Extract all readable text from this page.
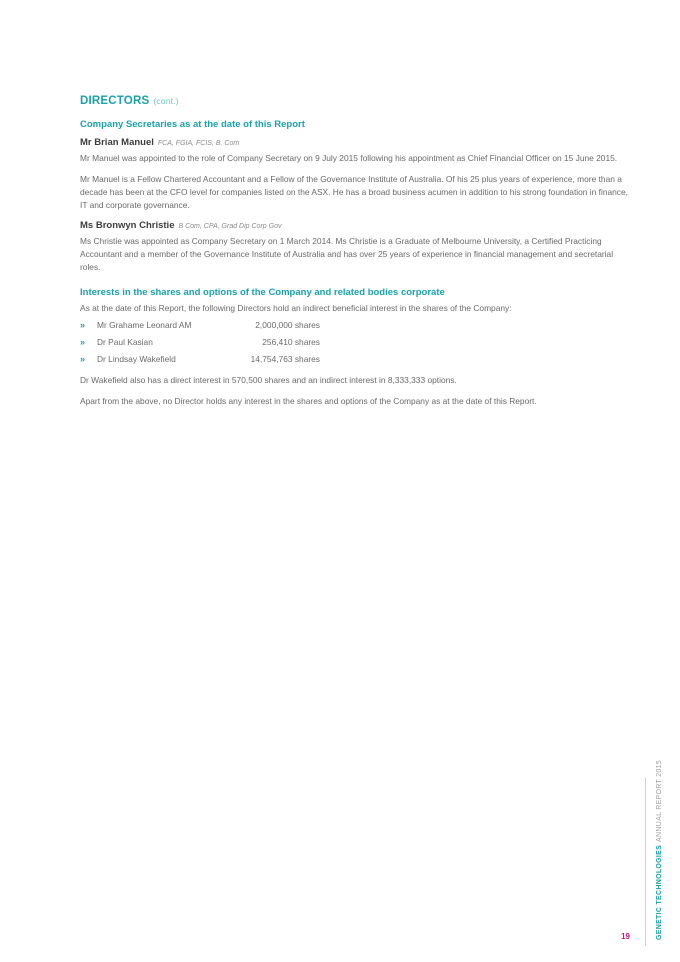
DIRECTORS (cont.)
Company Secretaries as at the date of this Report
Mr Brian Manuel FCA, FGIA, FCIS, B. Com

Mr Manuel was appointed to the role of Company Secretary on 9 July 2015 following his appointment as Chief Financial Officer on 15 June 2015.

Mr Manuel is a Fellow Chartered Accountant and a Fellow of the Governance Institute of Australia. Of his 25 plus years of experience, more than a decade has been at the CFO level for companies listed on the ASX. He has a broad business acumen in addition to his strong foundation in finance, IT and corporate governance.

Ms Bronwyn Christie B Com, CPA, Grad Dip Corp Gov

Ms Christie was appointed as Company Secretary on 1 March 2014. Ms Christie is a Graduate of Melbourne University, a Certified Practicing Accountant and a member of the Governance Institute of Australia and has over 25 years of experience in financial management and secretarial roles.

Interests in the shares and options of the Company and related bodies corporate

As at the date of this Report, the following Directors hold an indirect beneficial interest in the shares of the Company:

» Mr Grahame Leonard AM	2,000,000 shares
» Dr Paul Kasian	256,410 shares
» Dr Lindsay Wakefield	14,754,763 shares

Dr Wakefield also has a direct interest in 570,500 shares and an indirect interest in 8,333,333 options.

Apart from the above, no Director holds any interest in the shares and options of the Company as at the date of this Report.

GENETIC TECHNOLOGIESANNUAL REPORT 2015
19
